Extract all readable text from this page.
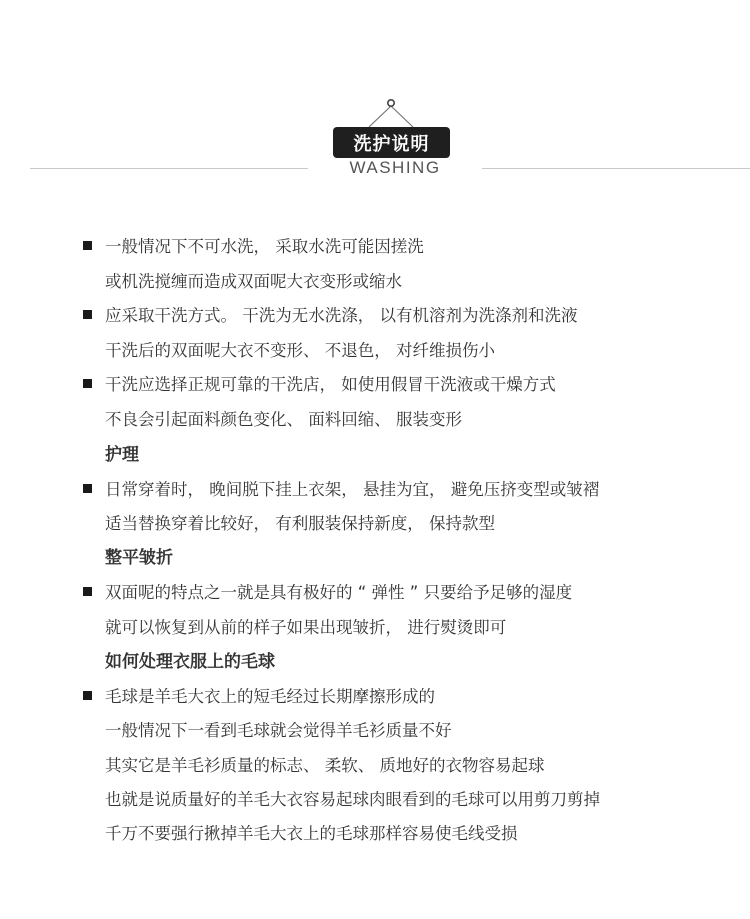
洗护说明
WASHING
一般情况下不可水洗， 采取水洗可能因搓洗
或机洗搅缠而造成双面呢大衣变形或缩水
应采取干洗方式。 干洗为无水洗涤， 以有机溶剂为洗涤剂和洗液
干洗后的双面呢大衣不变形、 不退色， 对纤维损伤小
干洗应选择正规可靠的干洗店， 如使用假冒干洗液或干燥方式
不良会引起面料颜色变化、 面料回缩、 服装变形
护理
日常穿着时， 晚间脱下挂上衣架， 悬挂为宜， 避免压挤变型或皱褶
适当替换穿着比较好， 有利服装保持新度， 保持款型
整平皱折
双面呢的特点之一就是具有极好的 “ 弹性 ” 只要给予足够的湿度
就可以恢复到从前的样子如果出现皱折， 进行熨烫即可
如何处理衣服上的毛球
毛球是羊毛大衣上的短毛经过长期摩擦形成的
一般情况下一看到毛球就会觉得羊毛衫质量不好
其实它是羊毛衫质量的标志、 柔软、 质地好的衣物容易起球
也就是说质量好的羊毛大衣容易起球肉眼看到的毛球可以用剪刀剪掉
千万不要强行揪掉羊毛大衣上的毛球那样容易使毛线受损
